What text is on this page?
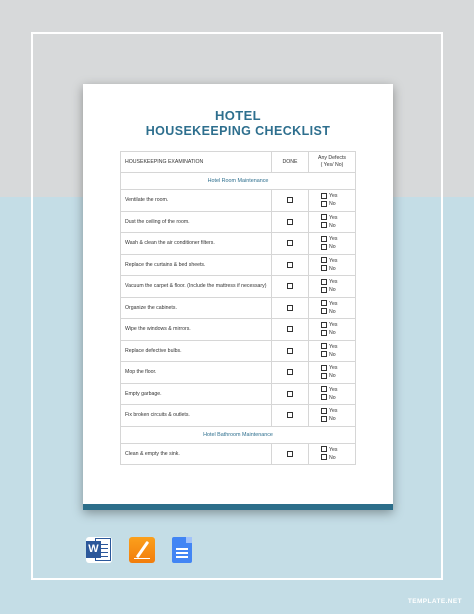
HOTEL
HOUSEKEEPING CHECKLIST
HOUSEKEEPING EXAMINATION	DONE	Any Defects
( Yes/ No)
Hotel Room Maintenance		
Ventilate the room.		Yes
No
Dust the ceiling of the room.		Yes
No
Wash & clean the air conditioner filters.		Yes
No
Replace the curtains & bed sheets.		Yes
No
Vacuum the carpet & floor. (Include the mattress if necessary)		Yes
No
Organize the cabinets.		Yes
No
Wipe the windows & mirrors.		Yes
No
Replace defective bulbs.		Yes
No
Mop the floor.		Yes
No
Empty garbage.		Yes
No
Fix broken circuits & outlets.		Yes
No
Hotel Bathroom Maintenance		
Clean & empty the sink.		Yes
No
W
TEMPLATE.NET
